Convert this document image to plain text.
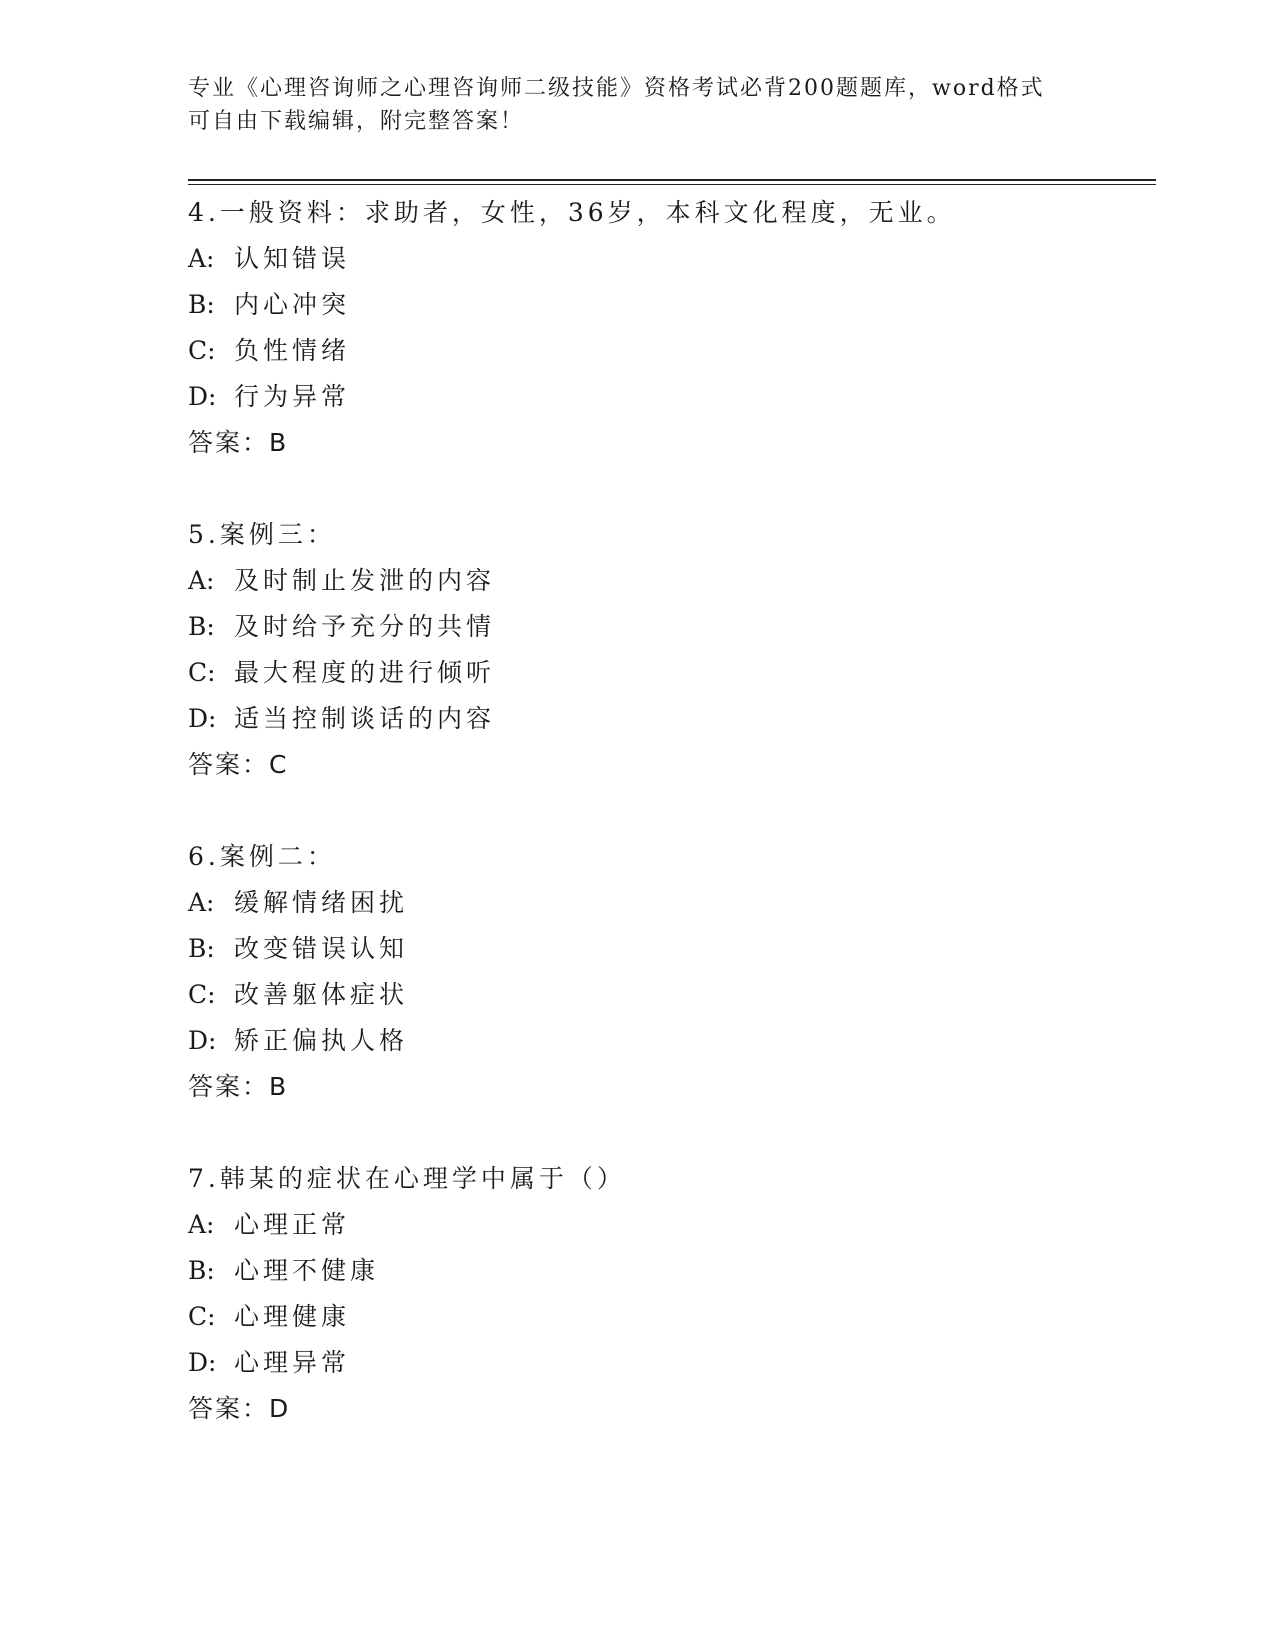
专业《心理咨询师之心理咨询师二级技能》资格考试必背200题题库，word格式
可自由下载编辑，附完整答案！
4.一般资料：求助者，女性，36岁，本科文化程度，无业。
A: 认知错误
B: 内心冲突
C: 负性情绪
D: 行为异常
答案：B
5.案例三：
A: 及时制止发泄的内容
B: 及时给予充分的共情
C: 最大程度的进行倾听
D: 适当控制谈话的内容
答案：C
6.案例二：
A: 缓解情绪困扰
B: 改变错误认知
C: 改善躯体症状
D: 矫正偏执人格
答案：B
7.韩某的症状在心理学中属于（）
A: 心理正常
B: 心理不健康
C: 心理健康
D: 心理异常
答案：D
